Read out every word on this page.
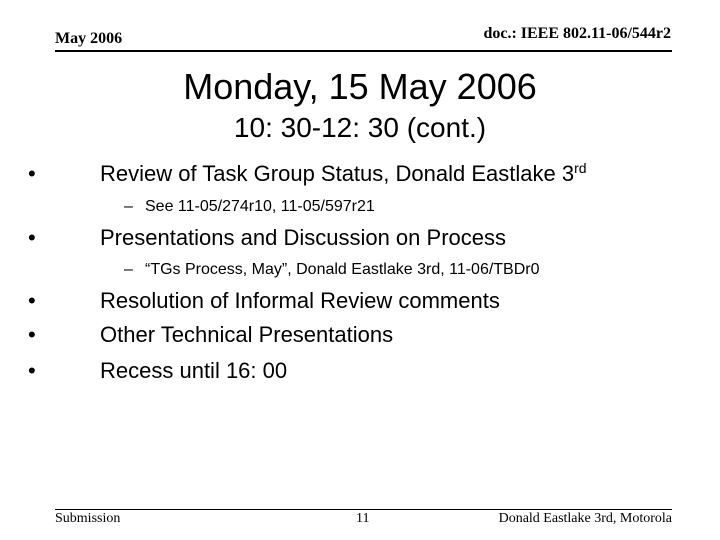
May 2006	doc.: IEEE 802.11-06/544r2
Monday, 15 May 2006
10: 30-12: 30 (cont.)
•	Review of Task Group Status, Donald Eastlake 3rd
– See 11-05/274r10, 11-05/597r21
•	Presentations and Discussion on Process
– “TGs Process, May”, Donald Eastlake 3rd, 11-06/TBDr0
•	Resolution of Informal Review comments
•	Other Technical Presentations
•	Recess until 16: 00
Submission	11	Donald Eastlake 3rd, Motorola
